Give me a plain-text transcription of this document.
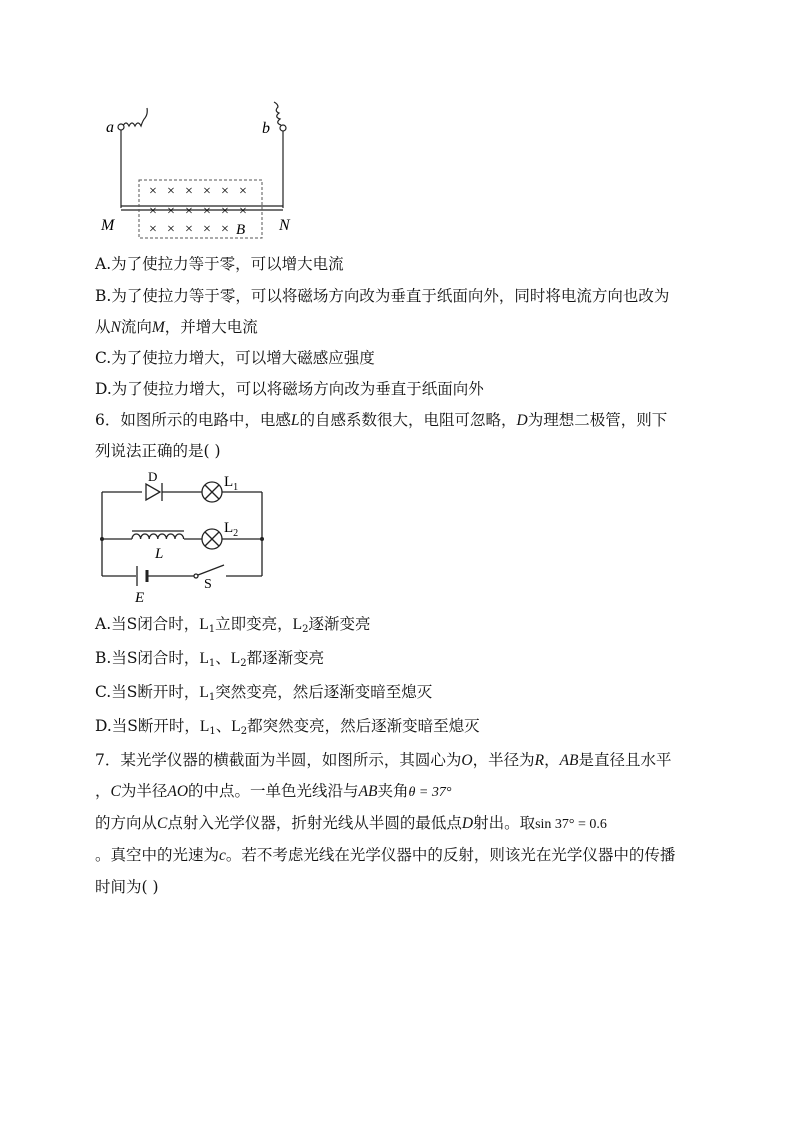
× × × × × ×
× × × × × ×
× × × × ×
a	b
M	N
B
A.为了使拉力等于零，可以增大电流
B.为了使拉力等于零，可以将磁场方向改为垂直于纸面向外，同时将电流方向也改为
从N流向M，并增大电流
C.为了使拉力增大，可以增大磁感应强度
D.为了使拉力增大，可以将磁场方向改为垂直于纸面向外
6．如图所示的电路中，电感L的自感系数很大，电阻可忽略，D为理想二极管，则下
列说法正确的是( )
D	$L_1$
$L_2$
L
S
E
A.当S闭合时，$L_1$立即变亮，$L_2$逐渐变亮
B.当S闭合时，$L_1$、$L_2$都逐渐变亮
C.当S断开时，$L_1$突然变亮，然后逐渐变暗至熄灭
D.当S断开时，$L_1$、$L_2$都突然变亮，然后逐渐变暗至熄灭
7．某光学仪器的横截面为半圆，如图所示，其圆心为O，半径为R，AB是直径且水平
，C为半径AO的中点。一单色光线沿与AB夹角θ = 37°
的方向从C点射入光学仪器，折射光线从半圆的最低点D射出。取sin 37° = 0.6
。真空中的光速为c。若不考虑光线在光学仪器中的反射，则该光在光学仪器中的传播
时间为( )
